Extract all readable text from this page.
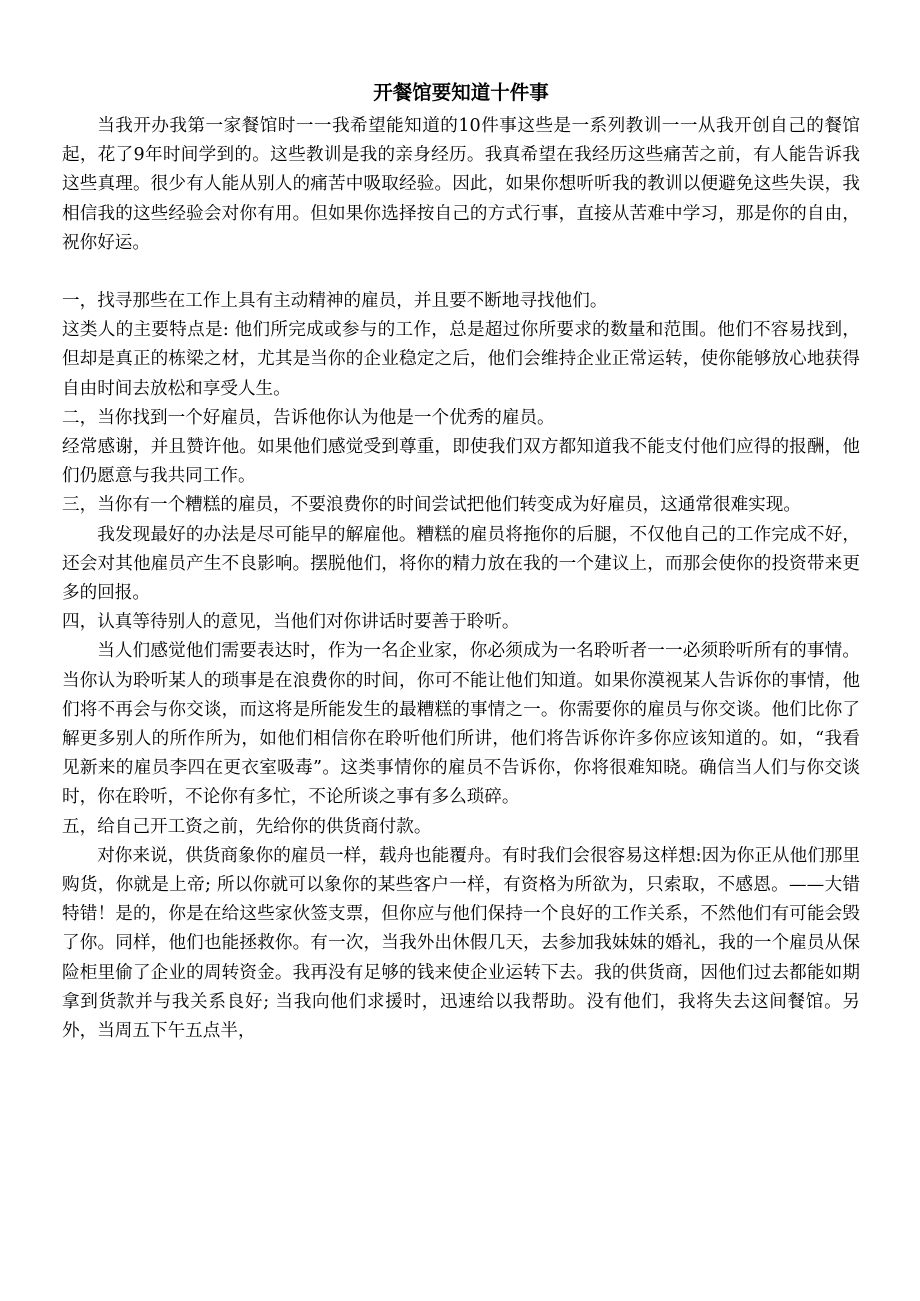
开餐馆要知道十件事

当我开办我第一家餐馆时一一我希望能知道的10件事这些是一系列教训一一从我开创自己的餐馆起，花了9年时间学到的。这些教训是我的亲身经历。我真希望在我经历这些痛苦之前，有人能告诉我这些真理。很少有人能从别人的痛苦中吸取经验。因此，如果你想听听我的教训以便避免这些失误，我相信我的这些经验会对你有用。但如果你选择按自己的方式行事，直接从苦难中学习，那是你的自由，祝你好运。

一，找寻那些在工作上具有主动精神的雇员，并且要不断地寻找他们。

这类人的主要特点是: 他们所完成或参与的工作，总是超过你所要求的数量和范围。他们不容易找到，但却是真正的栋梁之材，尤其是当你的企业稳定之后，他们会维持企业正常运转，使你能够放心地获得自由时间去放松和享受人生。

二，当你找到一个好雇员，告诉他你认为他是一个优秀的雇员。

经常感谢，并且赞许他。如果他们感觉受到尊重，即使我们双方都知道我不能支付他们应得的报酬，他们仍愿意与我共同工作。

三，当你有一个糟糕的雇员，不要浪费你的时间尝试把他们转变成为好雇员，这通常很难实现。

我发现最好的办法是尽可能早的解雇他。糟糕的雇员将拖你的后腿，不仅他自己的工作完成不好，还会对其他雇员产生不良影响。摆脱他们，将你的精力放在我的一个建议上，而那会使你的投资带来更多的回报。

四，认真等待别人的意见，当他们对你讲话时要善于聆听。

当人们感觉他们需要表达时，作为一名企业家，你必须成为一名聆听者一一必须聆听所有的事情。当你认为聆听某人的琐事是在浪费你的时间，你可不能让他们知道。如果你漠视某人告诉你的事情，他们将不再会与你交谈，而这将是所能发生的最糟糕的事情之一。你需要你的雇员与你交谈。他们比你了解更多别人的所作所为，如他们相信你在聆听他们所讲，他们将告诉你许多你应该知道的。如，“我看见新来的雇员李四在更衣室吸毒”。这类事情你的雇员不告诉你，你将很难知晓。确信当人们与你交谈时，你在聆听，不论你有多忙，不论所谈之事有多么琐碎。

五，给自己开工资之前，先给你的供货商付款。

对你来说，供货商象你的雇员一样，载舟也能覆舟。有时我们会很容易这样想:因为你正从他们那里购货，你就是上帝; 所以你就可以象你的某些客户一样，有资格为所欲为，只索取，不感恩。——大错特错！是的，你是在给这些家伙签支票，但你应与他们保持一个良好的工作关系，不然他们有可能会毁了你。同样，他们也能拯救你。有一次，当我外出休假几天，去参加我妹妹的婚礼，我的一个雇员从保险柜里偷了企业的周转资金。我再没有足够的钱来使企业运转下去。我的供货商，因他们过去都能如期拿到货款并与我关系良好; 当我向他们求援时，迅速给以我帮助。没有他们，我将失去这间餐馆。另外，当周五下午五点半，
